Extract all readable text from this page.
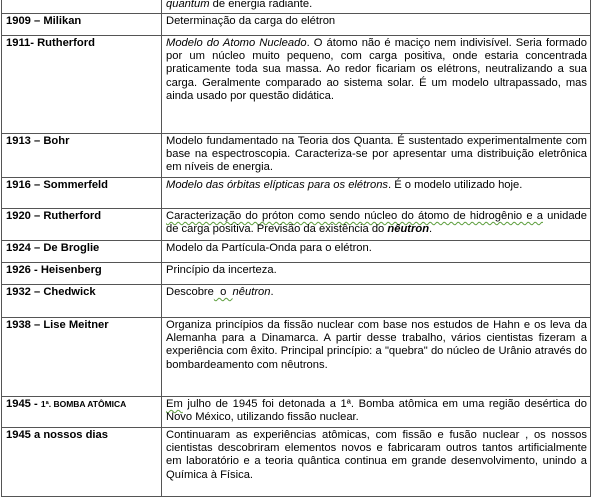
	quantum de energia radiante.
1909 – Milikan	Determinação da carga do elétron
1911- Rutherford	Modelo do Atomo Nucleado. O átomo não é maciço nem indivisível. Seria formado por um núcleo muito pequeno, com carga positiva, onde estaria concentrada praticamente toda sua massa. Ao redor ficariam os elétrons, neutralizando a sua carga. Geralmente comparado ao sistema solar. É um modelo ultrapassado, mas ainda usado por questão didática.
1913 – Bohr	Modelo fundamentado na Teoria dos Quanta. É sustentado experimentalmente com base na espectroscopia. Caracteriza-se por apresentar uma distribuição eletrônica em níveis de energia.
1916 – Sommerfeld	Modelo das órbitas elípticas para os elétrons. É o modelo utilizado hoje.
1920 – Rutherford	Caracterização do próton como sendo núcleo do átomo de hidrogênio e a unidade de carga positiva. Previsão da existência do nêutron.
1924 – De Broglie	Modelo da Partícula-Onda para o elétron.
1926 - Heisenberg	Princípio da incerteza.
1932 – Chedwick	Descobre  o  nêutron.
1938 – Lise Meitner	Organiza princípios da fissão nuclear com base nos estudos de Hahn e os leva da Alemanha para a Dinamarca. A partir desse trabalho, vários cientistas fizeram a experiência com êxito. Principal princípio: a "quebra" do núcleo de Urânio através do bombardeamento com nêutrons.
1945 - 1ª. BOMBA ATÔMICA	Em julho de 1945 foi detonada a 1ª. Bomba atômica em uma região desértica do Novo México, utilizando fissão nuclear.
1945 a nossos dias	Continuaram as experiências atômicas, com fissão e fusão nuclear , os nossos cientistas descobriram elementos novos e fabricaram outros tantos artificialmente em laboratório e a teoria quântica continua em grande desenvolvimento, unindo a Química à Física.
